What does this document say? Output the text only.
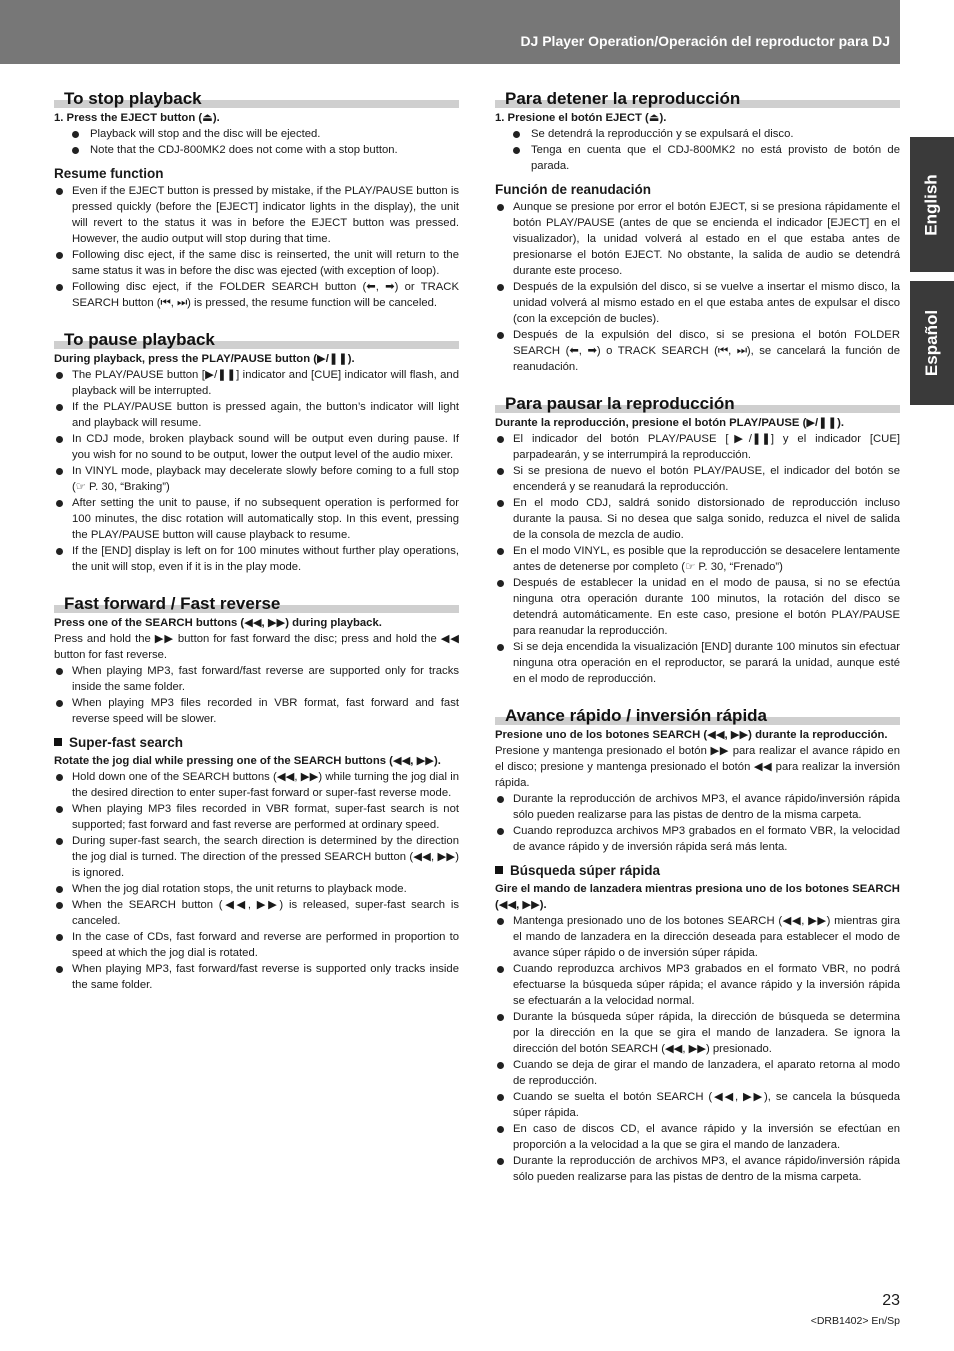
DJ Player Operation/Operación del reproductor para DJ
English
Español
To stop playback
1. Press the EJECT button (⏏).
Playback will stop and the disc will be ejected.
Note that the CDJ-800MK2 does not come with a stop button.
Resume function
Even if the EJECT button is pressed by mistake, if the PLAY/PAUSE button is pressed quickly (before the [EJECT] indicator lights in the display), the unit will revert to the status it was in before the EJECT button was pressed. However, the audio output will stop during that time.
Following disc eject, if the same disc is reinserted, the unit will return to the same status it was in before the disc was ejected (with exception of loop).
Following disc eject, if the FOLDER SEARCH button (⬅, ➡) or TRACK SEARCH button (⏮, ⏭) is pressed, the resume function will be canceled.
To pause playback
During playback, press the PLAY/PAUSE button (▶/❚❚).
The PLAY/PAUSE button [▶/❚❚] indicator and [CUE] indicator will flash, and playback will be interrupted.
If the PLAY/PAUSE button is pressed again, the button’s indicator will light and playback will resume.
In CDJ mode, broken playback sound will be output even during pause. If you wish for no sound to be output, lower the output level of the audio mixer.
In VINYL mode, playback may decelerate slowly before coming to a full stop (☞ P. 30, “Braking”)
After setting the unit to pause, if no subsequent operation is performed for 100 minutes, the disc rotation will automatically stop. In this event, pressing the PLAY/PAUSE button will cause playback to resume.
If the [END] display is left on for 100 minutes without further play operations, the unit will stop, even if it is in the play mode.
Fast forward / Fast reverse
Press one of the SEARCH buttons (◀◀, ▶▶) during playback.
Press and hold the ▶▶ button for fast forward the disc; press and hold the ◀◀ button for fast reverse.
When playing MP3, fast forward/fast reverse are supported only for tracks inside the same folder.
When playing MP3 files recorded in VBR format, fast forward and fast reverse speed will be slower.
Super-fast search
Rotate the jog dial while pressing one of the SEARCH buttons (◀◀, ▶▶).
Hold down one of the SEARCH buttons (◀◀, ▶▶) while turning the jog dial in the desired direction to enter super-fast forward or super-fast reverse mode.
When playing MP3 files recorded in VBR format, super-fast search is not supported; fast forward and fast reverse are performed at ordinary speed.
During super-fast search, the search direction is determined by the direction the jog dial is turned. The direction of the pressed SEARCH button (◀◀, ▶▶) is ignored.
When the jog dial rotation stops, the unit returns to playback mode.
When the SEARCH button (◀◀, ▶▶) is released, super-fast search is canceled.
In the case of CDs, fast forward and reverse are performed in proportion to speed at which the jog dial is rotated.
When playing MP3, fast forward/fast reverse is supported only tracks inside the same folder.
Para detener la reproducción
1. Presione el botón EJECT (⏏).
Se detendrá la reproducción y se expulsará el disco.
Tenga en cuenta que el CDJ-800MK2 no está provisto de botón de parada.
Función de reanudación
Aunque se presione por error el botón EJECT, si se presiona rápidamente el botón PLAY/PAUSE (antes de que se encienda el indicador [EJECT] en el visualizador), la unidad volverá al estado en el que estaba antes de presionarse el botón EJECT. No obstante, la salida de audio se detendrá durante este proceso.
Después de la expulsión del disco, si se vuelve a insertar el mismo disco, la unidad volverá al mismo estado en el que estaba antes de expulsar el disco (con la excepción de bucles).
Después de la expulsión del disco, si se presiona el botón FOLDER SEARCH (⬅, ➡) o TRACK SEARCH (⏮, ⏭), se cancelará la función de reanudación.
Para pausar la reproducción
Durante la reproducción, presione el botón PLAY/PAUSE (▶/❚❚).
El indicador del botón PLAY/PAUSE [▶/❚❚] y el indicador [CUE] parpadearán, y se interrumpirá la reproducción.
Si se presiona de nuevo el botón PLAY/PAUSE, el indicador del botón se encenderá y se reanudará la reproducción.
En el modo CDJ, saldrá sonido distorsionado de reproducción incluso durante la pausa. Si no desea que salga sonido, reduzca el nivel de salida de la consola de mezcla de audio.
En el modo VINYL, es posible que la reproducción se desacelere lentamente antes de detenerse por completo (☞ P. 30, “Frenado”)
Después de establecer la unidad en el modo de pausa, si no se efectúa ninguna otra operación durante 100 minutos, la rotación del disco se detendrá automáticamente. En este caso, presione el botón PLAY/PAUSE para reanudar la reproducción.
Si se deja encendida la visualización [END] durante 100 minutos sin efectuar ninguna otra operación en el reproductor, se parará la unidad, aunque esté en el modo de reproducción.
Avance rápido / inversión rápida
Presione uno de los botones SEARCH (◀◀, ▶▶) durante la reproducción.
Presione y mantenga presionado el botón ▶▶ para realizar el avance rápido en el disco; presione y mantenga presionado el botón ◀◀ para realizar la inversión rápida.
Durante la reproducción de archivos MP3, el avance rápido/inversión rápida sólo pueden realizarse para las pistas de dentro de la misma carpeta.
Cuando reproduzca archivos MP3 grabados en el formato VBR, la velocidad de avance rápido y de inversión rápida será más lenta.
Búsqueda súper rápida
Gire el mando de lanzadera mientras presiona uno de los botones SEARCH (◀◀, ▶▶).
Mantenga presionado uno de los botones SEARCH (◀◀, ▶▶) mientras gira el mando de lanzadera en la dirección deseada para establecer el modo de avance súper rápido o de inversión súper rápida.
Cuando reproduzca archivos MP3 grabados en el formato VBR, no podrá efectuarse la búsqueda súper rápida; el avance rápido y la inversión rápida se efectuarán a la velocidad normal.
Durante la búsqueda súper rápida, la dirección de búsqueda se determina por la dirección en la que se gira el mando de lanzadera. Se ignora la dirección del botón SEARCH (◀◀, ▶▶) presionado.
Cuando se deja de girar el mando de lanzadera, el aparato retorna al modo de reproducción.
Cuando se suelta el botón SEARCH (◀◀, ▶▶), se cancela la búsqueda súper rápida.
En caso de discos CD, el avance rápido y la inversión se efectúan en proporción a la velocidad a la que se gira el mando de lanzadera.
Durante la reproducción de archivos MP3, el avance rápido/inversión rápida sólo pueden realizarse para las pistas de dentro de la misma carpeta.
23
<DRB1402> En/Sp
